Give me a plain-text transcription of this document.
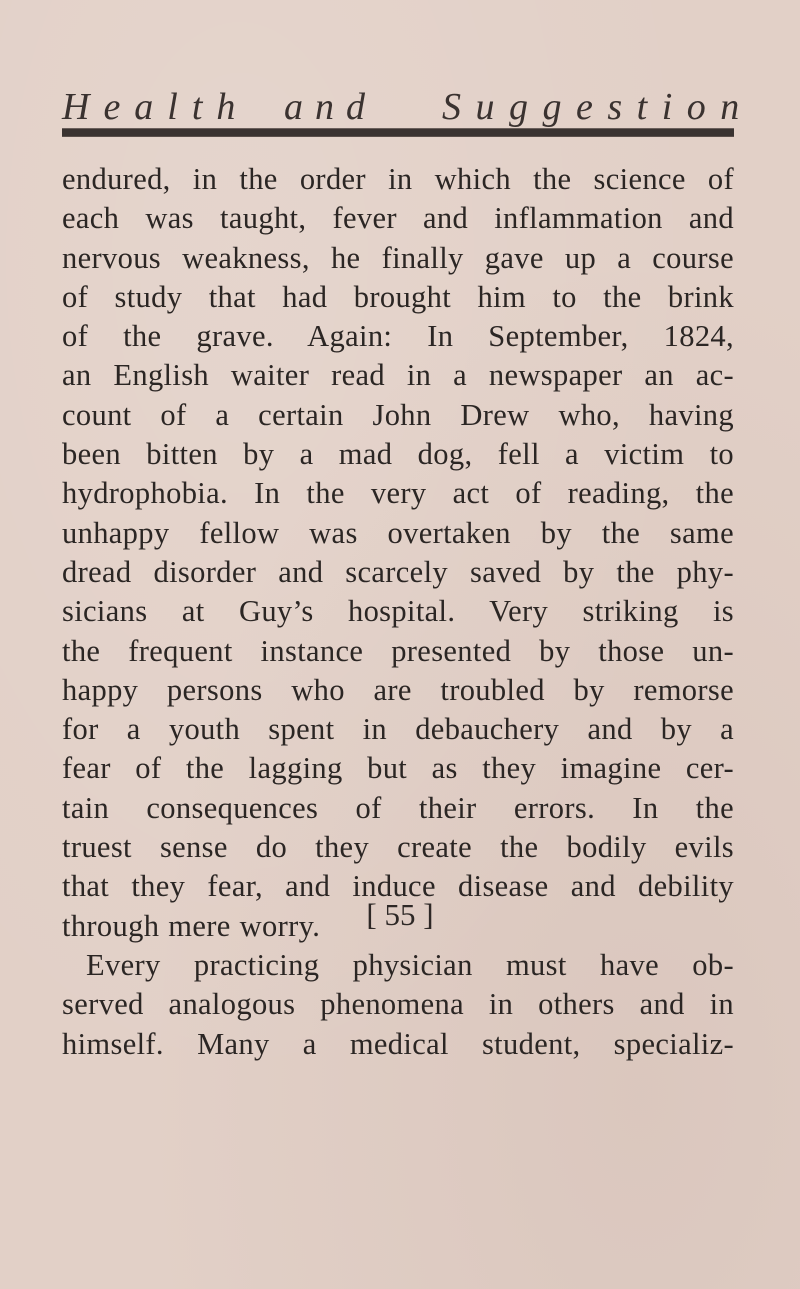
Health and Suggestion
endured, in the order in which the science of
each was taught, fever and inflammation and
nervous weakness, he finally gave up a course
of study that had brought him to the brink
of the grave. Again: In September, 1824,
an English waiter read in a newspaper an ac-
count of a certain John Drew who, having
been bitten by a mad dog, fell a victim to
hydrophobia. In the very act of reading, the
unhappy fellow was overtaken by the same
dread disorder and scarcely saved by the phy-
sicians at Guy’s hospital. Very striking is
the frequent instance presented by those un-
happy persons who are troubled by remorse
for a youth spent in debauchery and by a
fear of the lagging but as they imagine cer-
tain consequences of their errors. In the
truest sense do they create the bodily evils
that they fear, and induce disease and debility
through mere worry.
Every practicing physician must have ob-
served analogous phenomena in others and in
himself. Many a medical student, specializ-
[ 55 ]
